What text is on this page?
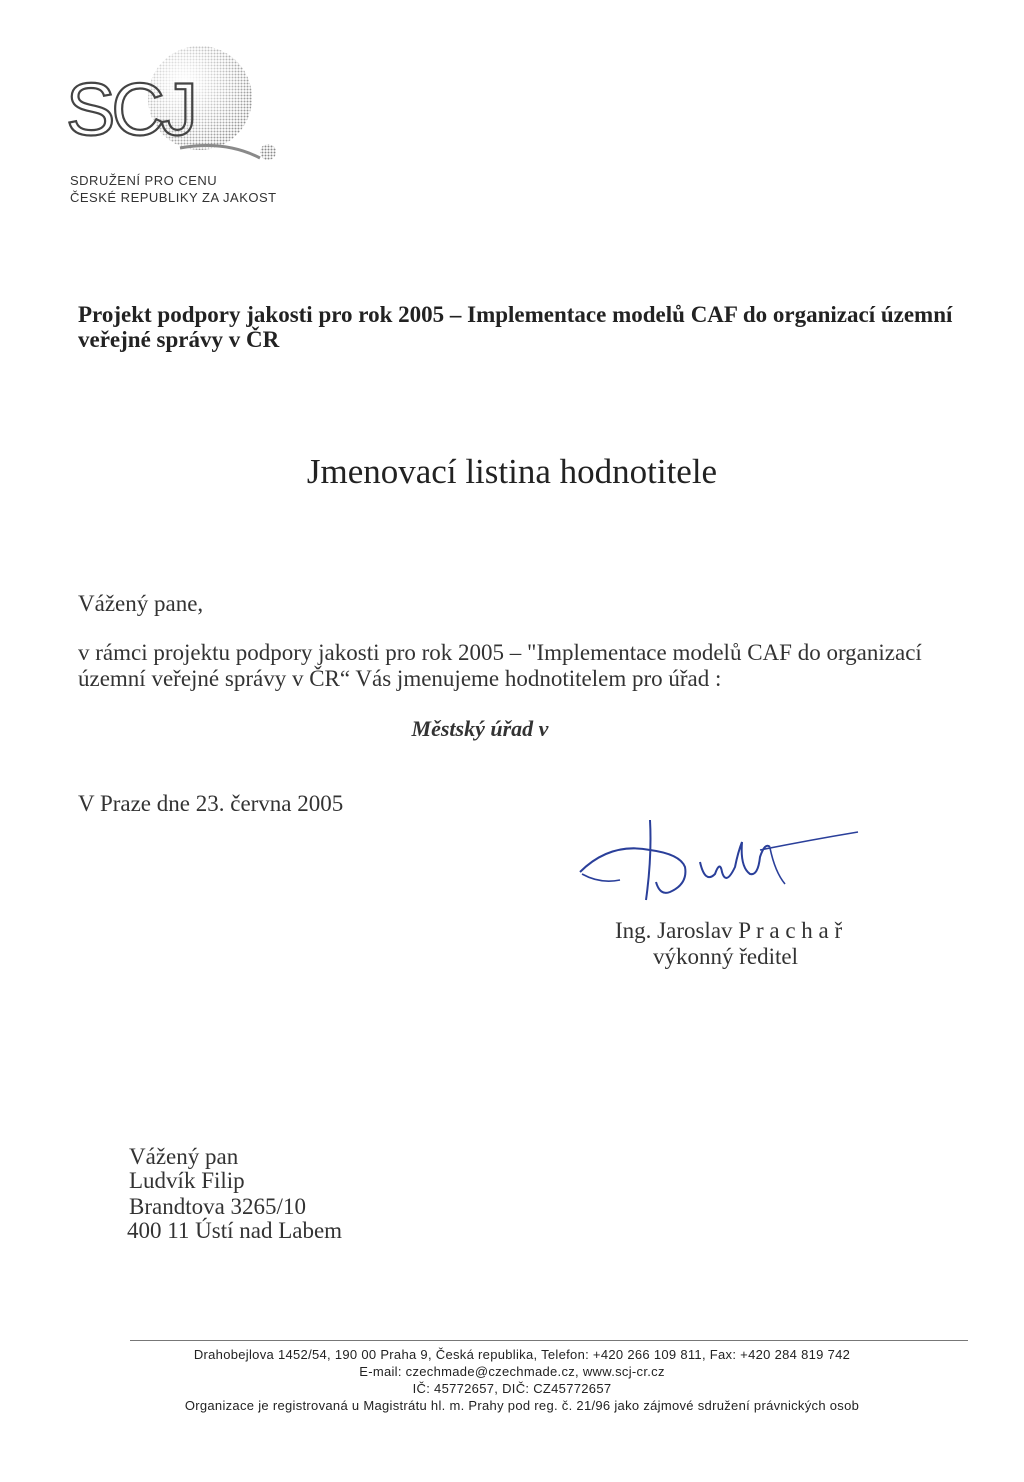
SCJ
SDRUŽENÍ PRO CENU
ČESKÉ REPUBLIKY ZA JAKOST
Projekt podpory jakosti pro rok 2005 – Implementace modelů CAF do organizací územní veřejné správy v ČR
Jmenovací listina hodnotitele
Vážený pane,
v rámci projektu podpory jakosti pro rok 2005 – "Implementace modelů CAF do organizací územní veřejné správy v ČR“ Vás jmenujeme hodnotitelem pro úřad :
Městský úřad v
V Praze dne 23. června 2005
Ing. Jaroslav P r a c h a ř
výkonný ředitel
Vážený pan
Ludvík Filip
Brandtova 3265/10
400 11 Ústí nad Labem
Drahobejlova 1452/54, 190 00 Praha 9, Česká republika, Telefon: +420 266 109 811, Fax: +420 284 819 742
E-mail: czechmade@czechmade.cz, www.scj-cr.cz
IČ: 45772657, DIČ: CZ45772657
Organizace je registrovaná u Magistrátu hl. m. Prahy pod reg. č. 21/96 jako zájmové sdružení právnických osob
